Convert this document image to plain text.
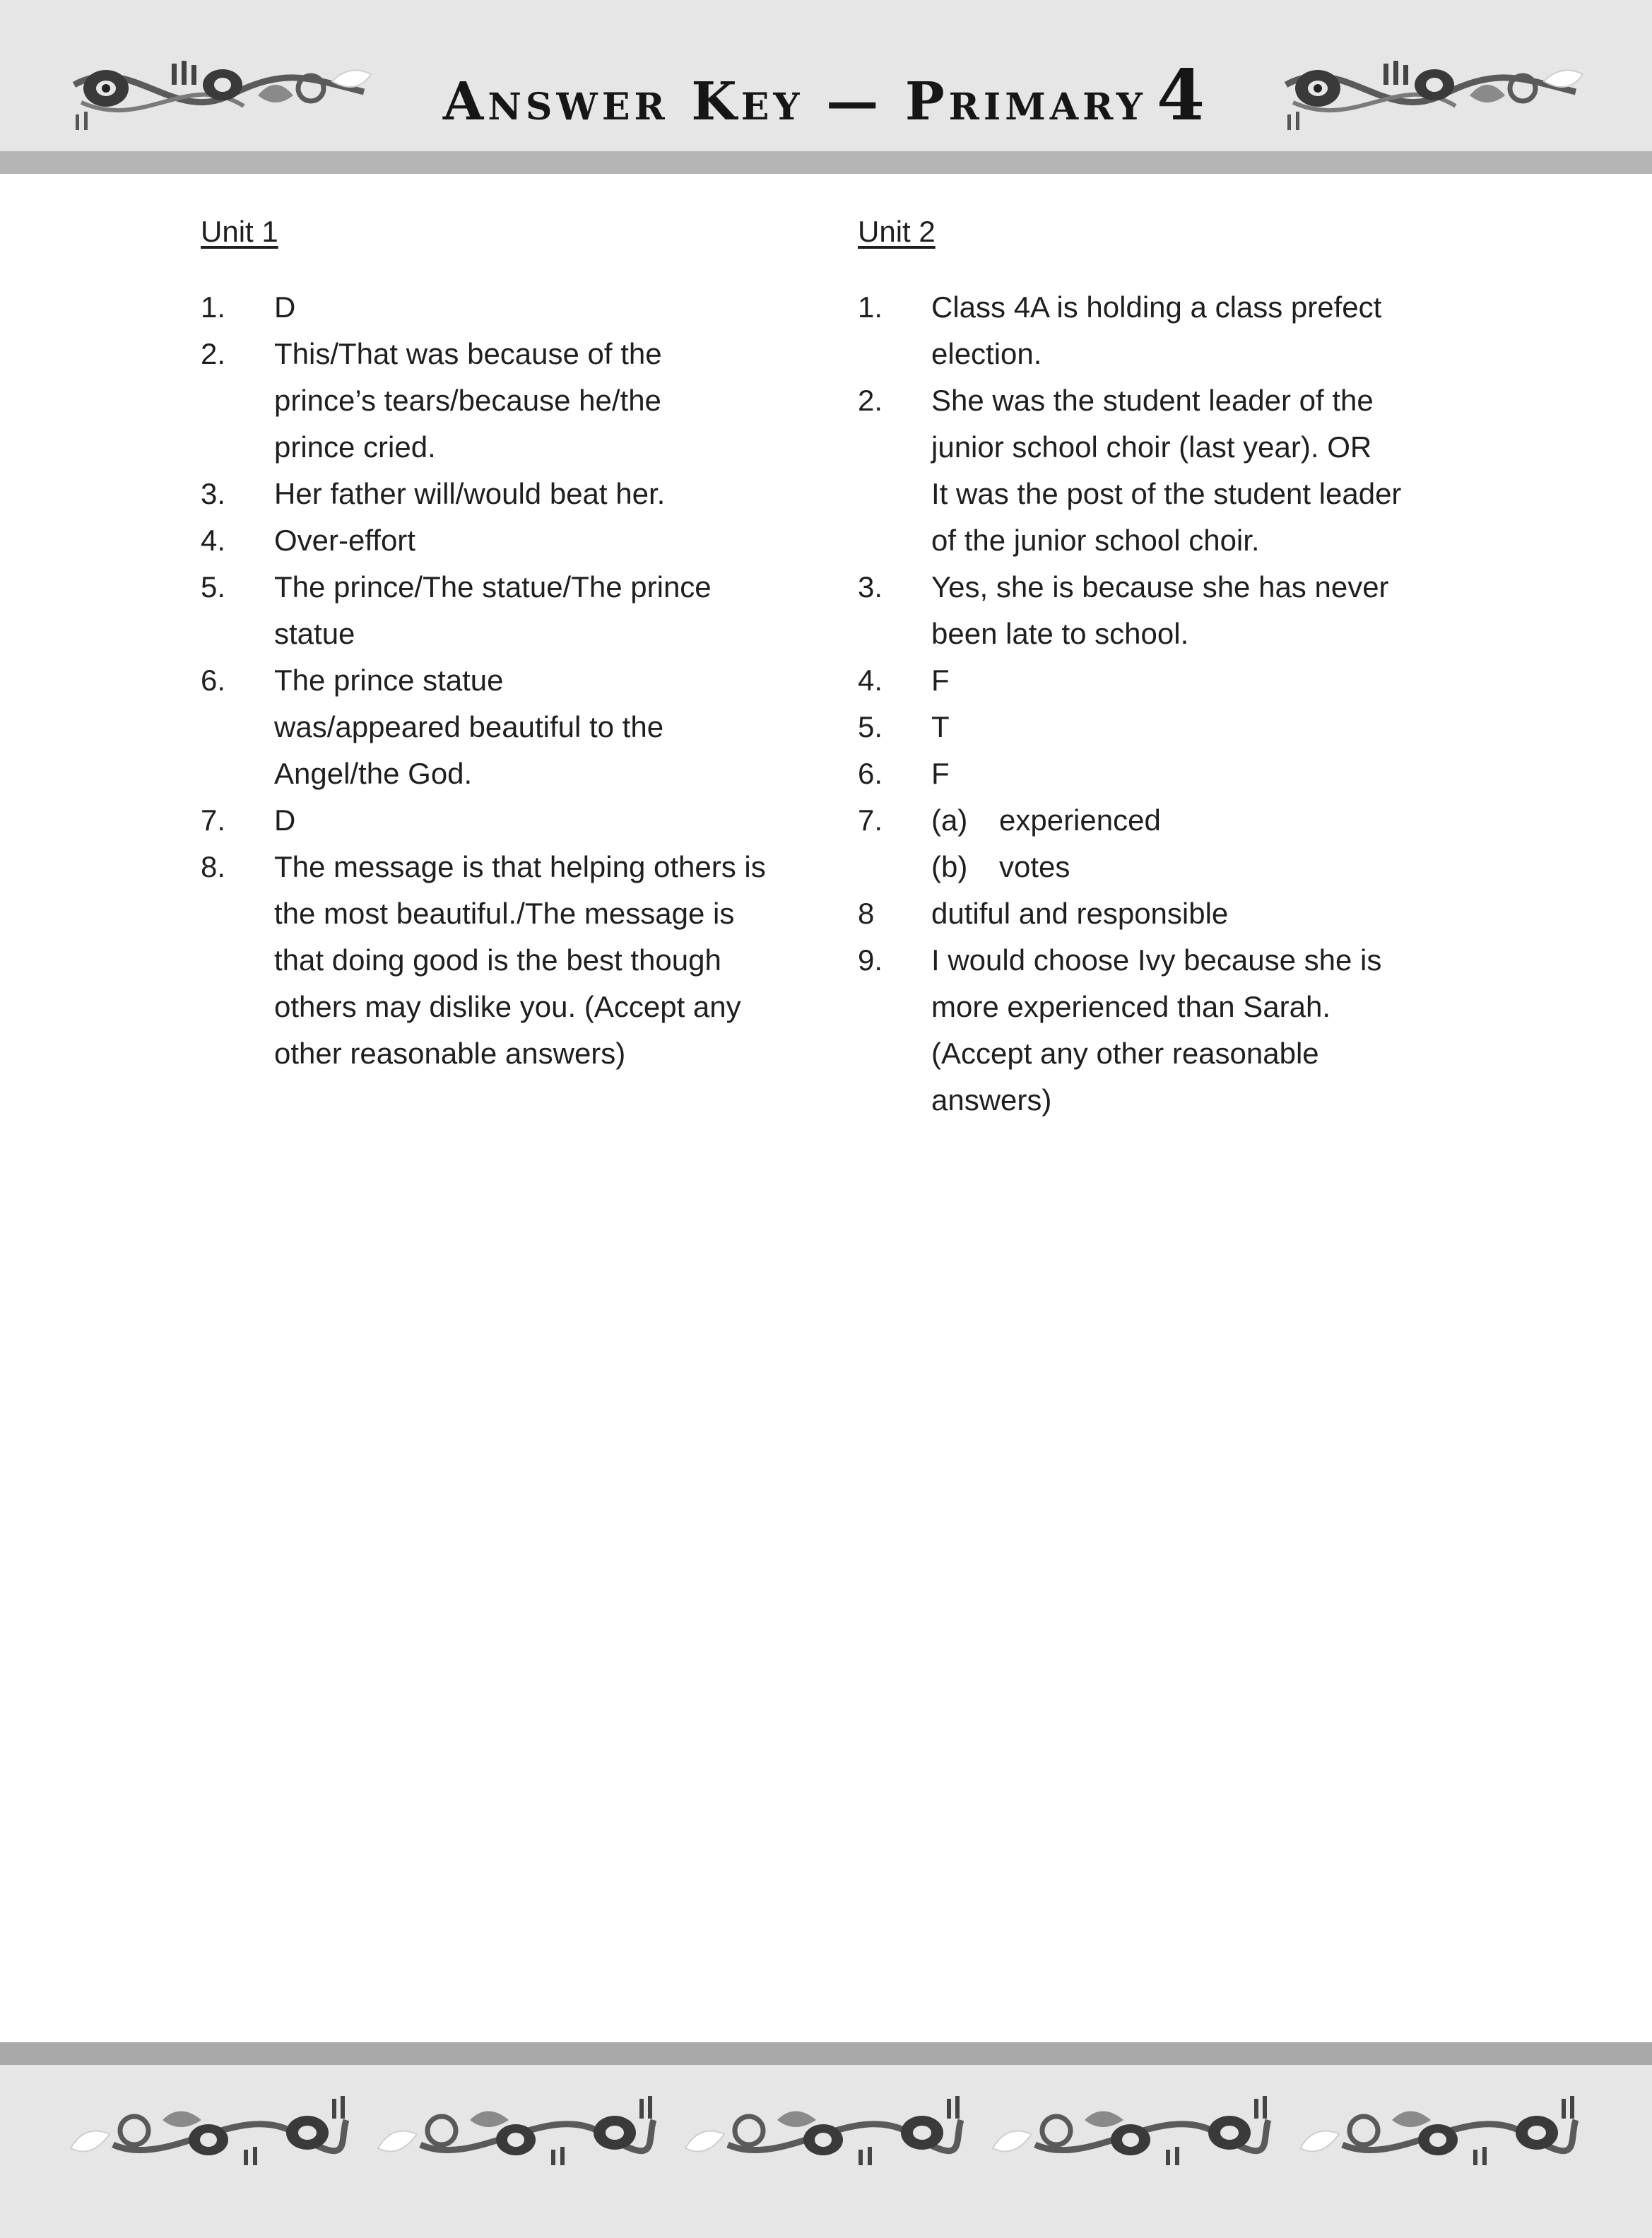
Answer Key — Primary 4
Unit 1
1.	D
2.	This/That was because of the
prince’s tears/because he/the
prince cried.
3.	Her father will/would beat her.
4.	Over-effort
5.	The prince/The statue/The prince
statue
6.	The prince statue
was/appeared beautiful to the
Angel/the God.
7.	D
8.	The message is that helping others is
the most beautiful./The message is
that doing good is the best though
others may dislike you. (Accept any
other reasonable answers)
Unit 2
1.	Class 4A is holding a class prefect
election.
2.	She was the student leader of the
junior school choir (last year). OR
It was the post of the student leader
of the junior school choir.
3.	Yes, she is because she has never
been late to school.
4.	F
5.	T
6.	F
7.	(a)	experienced
(b)	votes
8	dutiful and responsible
9.	I would choose Ivy because she is
more experienced than Sarah.
(Accept any other reasonable
answers)
